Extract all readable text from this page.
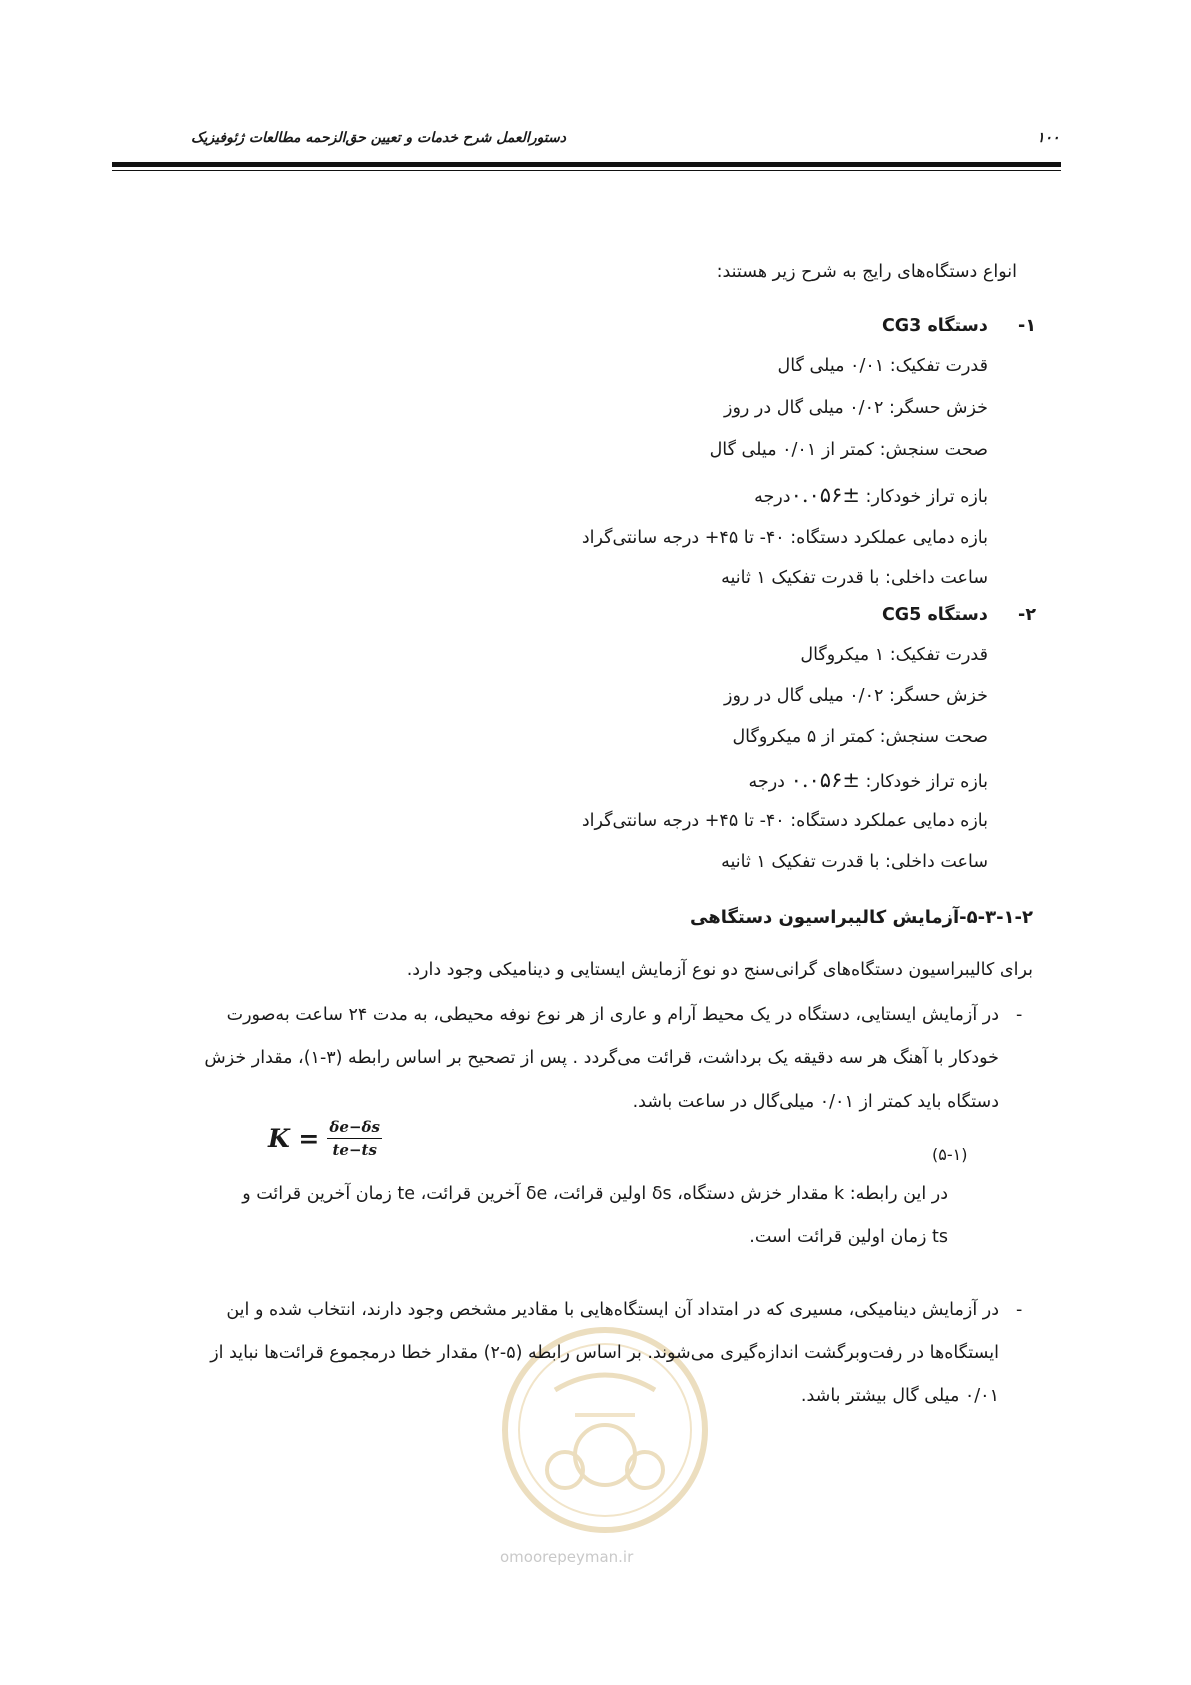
دستورالعمل شرح خدمات و تعیین حق‌الزحمه مطالعات ژئوفیزیک	۱۰۰
انواع دستگاه‌های رایج به شرح زیر هستند:
۱-  دستگاه CG3
قدرت تفکیک: ۰/۰۱ میلی گال
خزش حسگر: ۰/۰۲ میلی گال در روز
صحت سنجش: کمتر از ۰/۰۱ میلی گال
بازه تراز خودکار: ±۰.۰۵۶درجه
بازه دمایی عملکرد دستگاه: ۴۰- تا ۴۵+ درجه سانتی‌گراد
ساعت داخلی: با قدرت تفکیک ۱ ثانیه
۲-  دستگاه CG5
قدرت تفکیک: ۱ میکروگال
خزش حسگر: ۰/۰۲ میلی گال در روز
صحت سنجش: کمتر از ۵ میکروگال
بازه تراز خودکار: ±۰.۰۵۶ درجه
بازه دمایی عملکرد دستگاه: ۴۰- تا ۴۵+ درجه سانتی‌گراد
ساعت داخلی: با قدرت تفکیک ۱ ثانیه
۵-۳-۱-۲-آزمایش کالیبراسیون دستگاهی
برای کالیبراسیون دستگاه‌های گرانی‌سنج دو نوع آزمایش ایستایی و دینامیکی وجود دارد.
-
در آزمایش ایستایی، دستگاه در یک محیط آرام و عاری از هر نوع نوفه محیطی، به مدت ۲۴ ساعت به‌صورت
خودکار با آهنگ هر سه دقیقه یک برداشت، قرائت می‌گردد . پس از تصحیح بر اساس رابطه (۳-۱)، مقدار خزش
دستگاه باید کمتر از ۰/۰۱ میلی‌گال در ساعت باشد.
$K = \frac{\delta e-\delta s}{te-ts}$	(۵-۱)
omoorepeyman.ir
در این رابطه: k مقدار خزش دستگاه، δs اولین قرائت، δe آخرین قرائت، te زمان آخرین قرائت و
ts زمان اولین قرائت است.
-
در آزمایش دینامیکی، مسیری که در امتداد آن ایستگاه‌هایی با مقادیر مشخص وجود دارند، انتخاب شده و این
ایستگاه‌ها در رفت‌وبرگشت اندازه‌گیری می‌شوند. بر اساس رابطه (۵-۲) مقدار خطا درمجموع قرائت‌ها نباید از
۰/۰۱ میلی گال بیشتر باشد.
